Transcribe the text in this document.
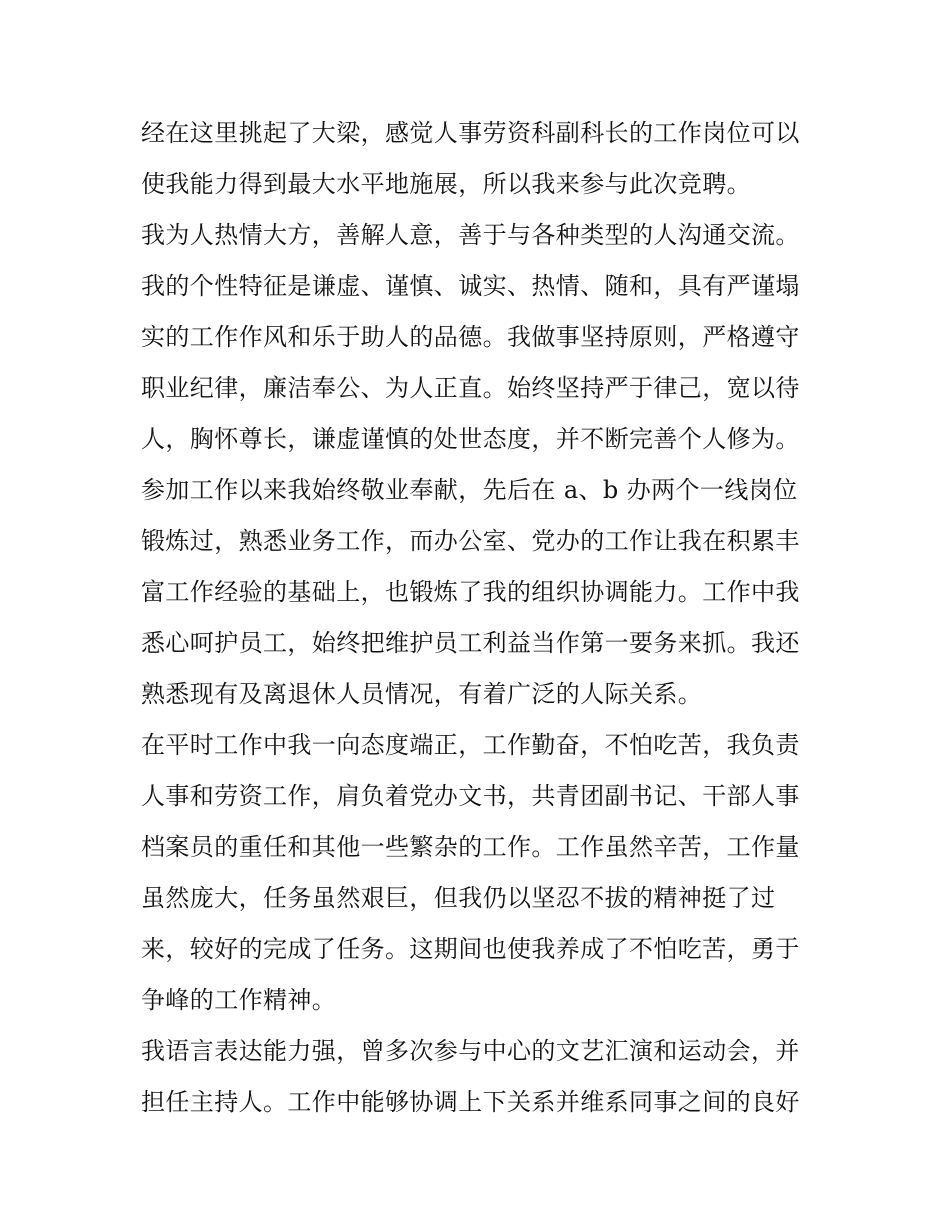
经在这里挑起了大梁，感觉人事劳资科副科长的工作岗位可以
使我能力得到最大水平地施展，所以我来参与此次竞聘。
我为人热情大方，善解人意，善于与各种类型的人沟通交流。
我的个性特征是谦虚、谨慎、诚实、热情、随和，具有严谨塌
实的工作作风和乐于助人的品德。我做事坚持原则，严格遵守
职业纪律，廉洁奉公、为人正直。始终坚持严于律己，宽以待
人，胸怀尊长，谦虚谨慎的处世态度，并不断完善个人修为。
参加工作以来我始终敬业奉献，先后在 a、b 办两个一线岗位
锻炼过，熟悉业务工作，而办公室、党办的工作让我在积累丰
富工作经验的基础上，也锻炼了我的组织协调能力。工作中我
悉心呵护员工，始终把维护员工利益当作第一要务来抓。我还
熟悉现有及离退休人员情况，有着广泛的人际关系。
在平时工作中我一向态度端正，工作勤奋，不怕吃苦，我负责
人事和劳资工作，肩负着党办文书，共青团副书记、干部人事
档案员的重任和其他一些繁杂的工作。工作虽然辛苦，工作量
虽然庞大，任务虽然艰巨，但我仍以坚忍不拔的精神挺了过
来，较好的完成了任务。这期间也使我养成了不怕吃苦，勇于
争峰的工作精神。
我语言表达能力强，曾多次参与中心的文艺汇演和运动会，并
担任主持人。工作中能够协调上下关系并维系同事之间的良好
